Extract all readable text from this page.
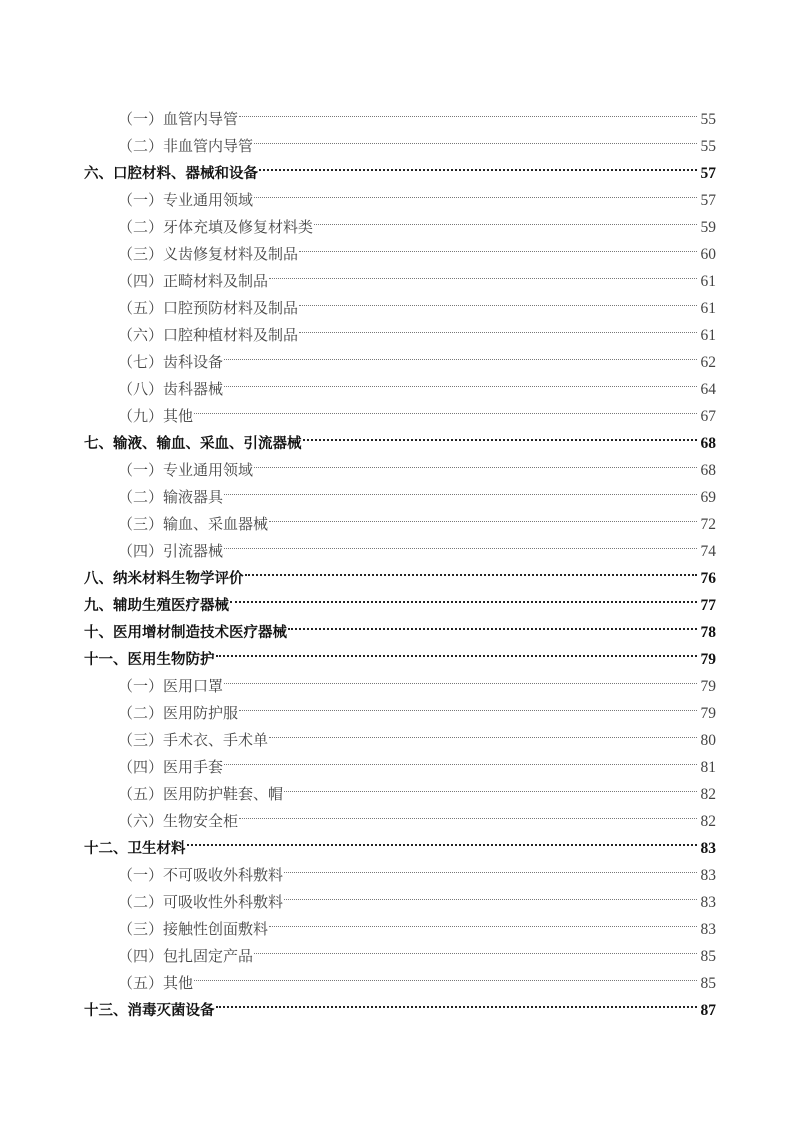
（一）血管内导管	55
（二）非血管内导管	55
六、口腔材料、器械和设备	57
（一）专业通用领域	57
（二）牙体充填及修复材料类	59
（三）义齿修复材料及制品	60
（四）正畸材料及制品	61
（五）口腔预防材料及制品	61
（六）口腔种植材料及制品	61
（七）齿科设备	62
（八）齿科器械	64
（九）其他	67
七、输液、输血、采血、引流器械	68
（一）专业通用领域	68
（二）输液器具	69
（三）输血、采血器械	72
（四）引流器械	74
八、纳米材料生物学评价	76
九、辅助生殖医疗器械	77
十、医用增材制造技术医疗器械	78
十一、医用生物防护	79
（一）医用口罩	79
（二）医用防护服	79
（三）手术衣、手术单	80
（四）医用手套	81
（五）医用防护鞋套、帽	82
（六）生物安全柜	82
十二、卫生材料	83
（一）不可吸收外科敷料	83
（二）可吸收性外科敷料	83
（三）接触性创面敷料	83
（四）包扎固定产品	85
（五）其他	85
十三、消毒灭菌设备	87
